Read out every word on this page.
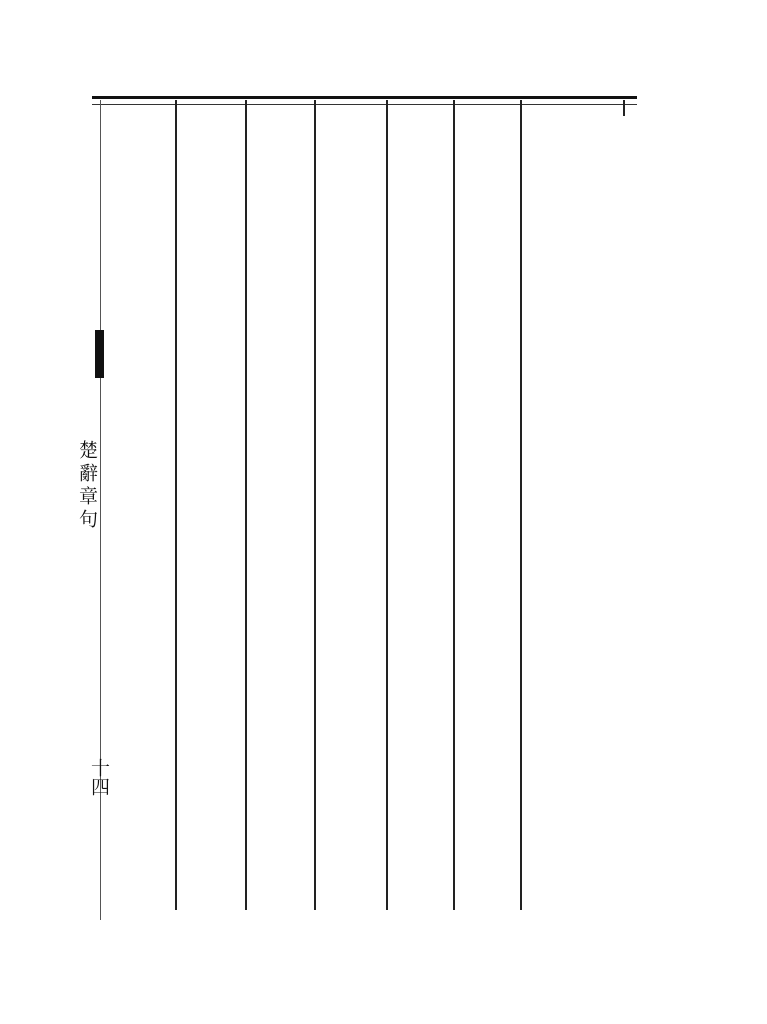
楚辭章句
十四
